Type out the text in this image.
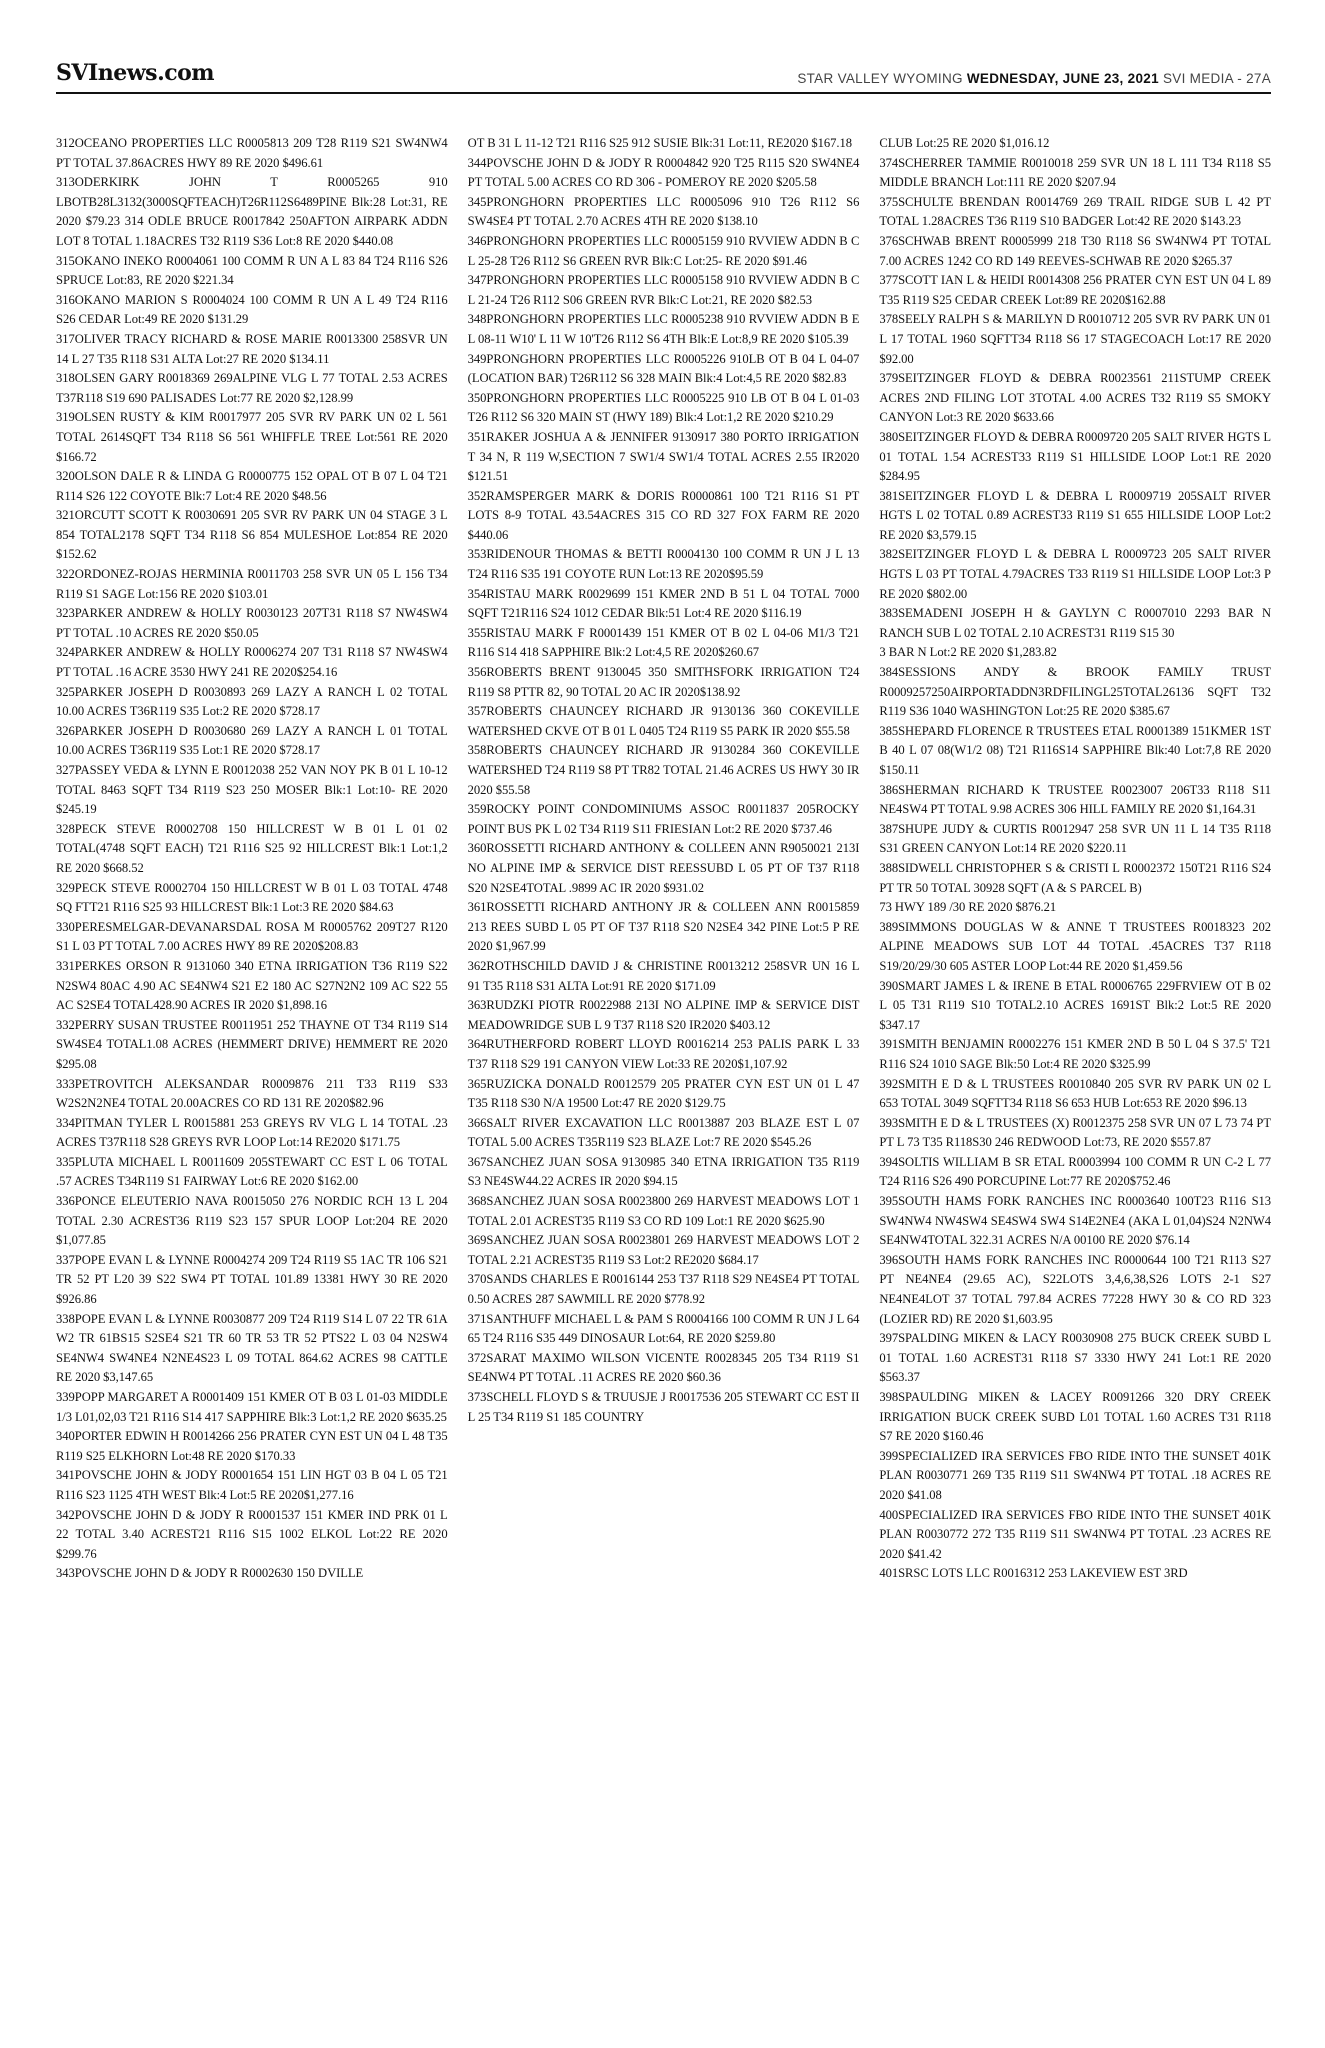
SVInews.com	STAR VALLEY WYOMING WEDNESDAY, JUNE 23, 2021 SVI MEDIA - 27A

312OCEANO PROPERTIES LLC R0005813 209 T28 R119 S21 SW4NW4 PT TOTAL 37.86ACRES HWY 89 RE 2020 $496.61

313ODERKIRK JOHN T R0005265 910 LBOTB28L3132(3000SQFTEACH)T26R112S6489PINE Blk:28 Lot:31, RE 2020 $79.23 314 ODLE BRUCE R0017842 250AFTON AIRPARK ADDN LOT 8 TOTAL 1.18ACRES T32 R119 S36 Lot:8 RE 2020 $440.08

315OKANO INEKO R0004061 100 COMM R UN A L 83 84 T24 R116 S26 SPRUCE Lot:83, RE 2020 $221.34

316OKANO MARION S R0004024 100 COMM R UN A L 49 T24 R116 S26 CEDAR Lot:49 RE 2020 $131.29

317OLIVER TRACY RICHARD & ROSE MARIE R0013300 258SVR UN 14 L 27 T35 R118 S31 ALTA Lot:27 RE 2020 $134.11

318OLSEN GARY R0018369 269ALPINE VLG L 77 TOTAL 2.53 ACRES T37R118 S19 690 PALISADES Lot:77 RE 2020 $2,128.99

319OLSEN RUSTY & KIM R0017977 205 SVR RV PARK UN 02 L 561 TOTAL 2614SQFT T34 R118 S6 561 WHIFFLE TREE Lot:561 RE 2020 $166.72

320OLSON DALE R & LINDA G R0000775 152 OPAL OT B 07 L 04 T21 R114 S26 122 COYOTE Blk:7 Lot:4 RE 2020 $48.56

321ORCUTT SCOTT K R0030691 205 SVR RV PARK UN 04 STAGE 3 L 854 TOTAL2178 SQFT T34 R118 S6 854 MULESHOE Lot:854 RE 2020 $152.62

322ORDONEZ-ROJAS HERMINIA R0011703 258 SVR UN 05 L 156 T34 R119 S1 SAGE Lot:156 RE 2020 $103.01

323PARKER ANDREW & HOLLY R0030123 207T31 R118 S7 NW4SW4 PT TOTAL .10 ACRES RE 2020 $50.05

324PARKER ANDREW & HOLLY R0006274 207 T31 R118 S7 NW4SW4 PT TOTAL .16 ACRE 3530 HWY 241 RE 2020$254.16

325PARKER JOSEPH D R0030893 269 LAZY A RANCH L 02 TOTAL 10.00 ACRES T36R119 S35 Lot:2 RE 2020 $728.17

326PARKER JOSEPH D R0030680 269 LAZY A RANCH L 01 TOTAL 10.00 ACRES T36R119 S35 Lot:1 RE 2020 $728.17

327PASSEY VEDA & LYNN E R0012038 252 VAN NOY PK B 01 L 10-12 TOTAL 8463 SQFT T34 R119 S23 250 MOSER Blk:1 Lot:10- RE 2020 $245.19

328PECK STEVE R0002708 150 HILLCREST W B 01 L 01 02 TOTAL(4748 SQFT EACH) T21 R116 S25 92 HILLCREST Blk:1 Lot:1,2 RE 2020 $668.52

329PECK STEVE R0002704 150 HILLCREST W B 01 L 03 TOTAL 4748 SQ FTT21 R116 S25 93 HILLCREST Blk:1 Lot:3 RE 2020 $84.63

330PERESMELGAR-DEVANARSDAL ROSA M R0005762 209T27 R120 S1 L 03 PT TOTAL 7.00 ACRES HWY 89 RE 2020$208.83

331PERKES ORSON R 9131060 340 ETNA IRRIGATION T36 R119 S22 N2SW4 80AC 4.90 AC SE4NW4 S21 E2 180 AC S27N2N2 109 AC S22 55 AC S2SE4 TOTAL428.90 ACRES IR 2020 $1,898.16

332PERRY SUSAN TRUSTEE R0011951 252 THAYNE OT T34 R119 S14 SW4SE4 TOTAL1.08 ACRES (HEMMERT DRIVE) HEMMERT RE 2020 $295.08

333PETROVITCH ALEKSANDAR R0009876 211 T33 R119 S33 W2S2N2NE4 TOTAL 20.00ACRES CO RD 131 RE 2020$82.96

334PITMAN TYLER L R0015881 253 GREYS RV VLG L 14 TOTAL .23 ACRES T37R118 S28 GREYS RVR LOOP Lot:14 RE2020 $171.75

335PLUTA MICHAEL L R0011609 205STEWART CC EST L 06 TOTAL .57 ACRES T34R119 S1 FAIRWAY Lot:6 RE 2020 $162.00

336PONCE ELEUTERIO NAVA R0015050 276 NORDIC RCH 13 L 204 TOTAL 2.30 ACREST36 R119 S23 157 SPUR LOOP Lot:204 RE 2020 $1,077.85

337POPE EVAN L & LYNNE R0004274 209 T24 R119 S5 1AC TR 106 S21 TR 52 PT L20 39 S22 SW4 PT TOTAL 101.89 13381 HWY 30 RE 2020 $926.86

338POPE EVAN L & LYNNE R0030877 209 T24 R119 S14 L 07 22 TR 61A W2 TR 61BS15 S2SE4 S21 TR 60 TR 53 TR 52 PTS22 L 03 04 N2SW4 SE4NW4 SW4NE4 N2NE4S23 L 09 TOTAL 864.62 ACRES 98 CATTLE RE 2020 $3,147.65

339POPP MARGARET A R0001409 151 KMER OT B 03 L 01-03 MIDDLE 1/3 L01,02,03 T21 R116 S14 417 SAPPHIRE Blk:3 Lot:1,2 RE 2020 $635.25

340PORTER EDWIN H R0014266 256 PRATER CYN EST UN 04 L 48 T35 R119 S25 ELKHORN Lot:48 RE 2020 $170.33

341POVSCHE JOHN & JODY R0001654 151 LIN HGT 03 B 04 L 05 T21 R116 S23 1125 4TH WEST Blk:4 Lot:5 RE 2020$1,277.16

342POVSCHE JOHN D & JODY R R0001537 151 KMER IND PRK 01 L 22 TOTAL 3.40 ACREST21 R116 S15 1002 ELKOL Lot:22 RE 2020 $299.76

343POVSCHE JOHN D & JODY R R0002630 150 DVILLE

OT B 31 L 11-12 T21 R116 S25 912 SUSIE Blk:31 Lot:11, RE2020 $167.18

344POVSCHE JOHN D & JODY R R0004842 920 T25 R115 S20 SW4NE4 PT TOTAL 5.00 ACRES CO RD 306 - POMEROY RE 2020 $205.58

345PRONGHORN PROPERTIES LLC R0005096 910 T26 R112 S6 SW4SE4 PT TOTAL 2.70 ACRES 4TH RE 2020 $138.10

346PRONGHORN PROPERTIES LLC R0005159 910 RVVIEW ADDN B C L 25-28 T26 R112 S6 GREEN RVR Blk:C Lot:25- RE 2020 $91.46

347PRONGHORN PROPERTIES LLC R0005158 910 RVVIEW ADDN B C L 21-24 T26 R112 S06 GREEN RVR Blk:C Lot:21, RE 2020 $82.53

348PRONGHORN PROPERTIES LLC R0005238 910 RVVIEW ADDN B E L 08-11 W10' L 11 W 10'T26 R112 S6 4TH Blk:E Lot:8,9 RE 2020 $105.39

349PRONGHORN PROPERTIES LLC R0005226 910LB OT B 04 L 04-07 (LOCATION BAR) T26R112 S6 328 MAIN Blk:4 Lot:4,5 RE 2020 $82.83

350PRONGHORN PROPERTIES LLC R0005225 910 LB OT B 04 L 01-03 T26 R112 S6 320 MAIN ST (HWY 189) Blk:4 Lot:1,2 RE 2020 $210.29

351RAKER JOSHUA A & JENNIFER 9130917 380 PORTO IRRIGATION T 34 N, R 119 W,SECTION 7 SW1/4 SW1/4 TOTAL ACRES 2.55 IR2020 $121.51

352RAMSPERGER MARK & DORIS R0000861 100 T21 R116 S1 PT LOTS 8-9 TOTAL 43.54ACRES 315 CO RD 327 FOX FARM RE 2020 $440.06

353RIDENOUR THOMAS & BETTI R0004130 100 COMM R UN J L 13 T24 R116 S35 191 COYOTE RUN Lot:13 RE 2020$95.59

354RISTAU MARK R0029699 151 KMER 2ND B 51 L 04 TOTAL 7000 SQFT T21R116 S24 1012 CEDAR Blk:51 Lot:4 RE 2020 $116.19

355RISTAU MARK F R0001439 151 KMER OT B 02 L 04-06 M1/3 T21 R116 S14 418 SAPPHIRE Blk:2 Lot:4,5 RE 2020$260.67

356ROBERTS BRENT 9130045 350 SMITHSFORK IRRIGATION T24 R119 S8 PTTR 82, 90 TOTAL 20 AC IR 2020$138.92

357ROBERTS CHAUNCEY RICHARD JR 9130136 360 COKEVILLE WATERSHED CKVE OT B 01 L 0405 T24 R119 S5 PARK IR 2020 $55.58

358ROBERTS CHAUNCEY RICHARD JR 9130284 360 COKEVILLE WATERSHED T24 R119 S8 PT TR82 TOTAL 21.46 ACRES US HWY 30 IR 2020 $55.58

359ROCKY POINT CONDOMINIUMS ASSOC R0011837 205ROCKY POINT BUS PK L 02 T34 R119 S11 FRIESIAN Lot:2 RE 2020 $737.46

360ROSSETTI RICHARD ANTHONY & COLLEEN ANN R9050021 213I NO ALPINE IMP & SERVICE DIST REESSUBD L 05 PT OF T37 R118 S20 N2SE4TOTAL .9899 AC IR 2020 $931.02

361ROSSETTI RICHARD ANTHONY JR & COLLEEN ANN R0015859 213 REES SUBD L 05 PT OF T37 R118 S20 N2SE4 342 PINE Lot:5 P RE 2020 $1,967.99

362ROTHSCHILD DAVID J & CHRISTINE R0013212 258SVR UN 16 L 91 T35 R118 S31 ALTA Lot:91 RE 2020 $171.09

363RUDZKI PIOTR R0022988 213I NO ALPINE IMP & SERVICE DIST MEADOWRIDGE SUB L 9 T37 R118 S20 IR2020 $403.12

364RUTHERFORD ROBERT LLOYD R0016214 253 PALIS PARK L 33 T37 R118 S29 191 CANYON VIEW Lot:33 RE 2020$1,107.92

365RUZICKA DONALD R0012579 205 PRATER CYN EST UN 01 L 47 T35 R118 S30 N/A 19500 Lot:47 RE 2020 $129.75

366SALT RIVER EXCAVATION LLC R0013887 203 BLAZE EST L 07 TOTAL 5.00 ACRES T35R119 S23 BLAZE Lot:7 RE 2020 $545.26

367SANCHEZ JUAN SOSA 9130985 340 ETNA IRRIGATION T35 R119 S3 NE4SW44.22 ACRES IR 2020 $94.15

368SANCHEZ JUAN SOSA R0023800 269 HARVEST MEADOWS LOT 1 TOTAL 2.01 ACREST35 R119 S3 CO RD 109 Lot:1 RE 2020 $625.90

369SANCHEZ JUAN SOSA R0023801 269 HARVEST MEADOWS LOT 2 TOTAL 2.21 ACREST35 R119 S3 Lot:2 RE2020 $684.17

370SANDS CHARLES E R0016144 253 T37 R118 S29 NE4SE4 PT TOTAL 0.50 ACRES 287 SAWMILL RE 2020 $778.92

371SANTHUFF MICHAEL L & PAM S R0004166 100 COMM R UN J L 64 65 T24 R116 S35 449 DINOSAUR Lot:64, RE 2020 $259.80

372SARAT MAXIMO WILSON VICENTE R0028345 205 T34 R119 S1 SE4NW4 PT TOTAL .11 ACRES RE 2020 $60.36

373SCHELL FLOYD S & TRUUSJE J R0017536 205 STEWART CC EST II L 25 T34 R119 S1 185 COUNTRY

CLUB Lot:25 RE 2020 $1,016.12

374SCHERRER TAMMIE R0010018 259 SVR UN 18 L 111 T34 R118 S5 MIDDLE BRANCH Lot:111 RE 2020 $207.94

375SCHULTE BRENDAN R0014769 269 TRAIL RIDGE SUB L 42 PT TOTAL 1.28ACRES T36 R119 S10 BADGER Lot:42 RE 2020 $143.23

376SCHWAB BRENT R0005999 218 T30 R118 S6 SW4NW4 PT TOTAL 7.00 ACRES 1242 CO RD 149 REEVES-SCHWAB RE 2020 $265.37

377SCOTT IAN L & HEIDI R0014308 256 PRATER CYN EST UN 04 L 89 T35 R119 S25 CEDAR CREEK Lot:89 RE 2020$162.88

378SEELY RALPH S & MARILYN D R0010712 205 SVR RV PARK UN 01 L 17 TOTAL 1960 SQFTT34 R118 S6 17 STAGECOACH Lot:17 RE 2020 $92.00

379SEITZINGER FLOYD & DEBRA R0023561 211STUMP CREEK ACRES 2ND FILING LOT 3TOTAL 4.00 ACRES T32 R119 S5 SMOKY CANYON Lot:3 RE 2020 $633.66

380SEITZINGER FLOYD & DEBRA R0009720 205 SALT RIVER HGTS L 01 TOTAL 1.54 ACREST33 R119 S1 HILLSIDE LOOP Lot:1 RE 2020 $284.95

381SEITZINGER FLOYD L & DEBRA L R0009719 205SALT RIVER HGTS L 02 TOTAL 0.89 ACREST33 R119 S1 655 HILLSIDE LOOP Lot:2 RE 2020 $3,579.15

382SEITZINGER FLOYD L & DEBRA L R0009723 205 SALT RIVER HGTS L 03 PT TOTAL 4.79ACRES T33 R119 S1 HILLSIDE LOOP Lot:3 P RE 2020 $802.00

383SEMADENI JOSEPH H & GAYLYN C R0007010 2293 BAR N RANCH SUB L 02 TOTAL 2.10 ACREST31 R119 S15 30

3 BAR N Lot:2 RE 2020 $1,283.82

384SESSIONS ANDY & BROOK FAMILY TRUST R0009257250AIRPORTADDN3RDFILINGL25TOTAL26136 SQFT T32 R119 S36 1040 WASHINGTON Lot:25 RE 2020 $385.67

385SHEPARD FLORENCE R TRUSTEES ETAL R0001389 151KMER 1ST B 40 L 07 08(W1/2 08) T21 R116S14 SAPPHIRE Blk:40 Lot:7,8 RE 2020 $150.11

386SHERMAN RICHARD K TRUSTEE R0023007 206T33 R118 S11 NE4SW4 PT TOTAL 9.98 ACRES 306 HILL FAMILY RE 2020 $1,164.31

387SHUPE JUDY & CURTIS R0012947 258 SVR UN 11 L 14 T35 R118 S31 GREEN CANYON Lot:14 RE 2020 $220.11

388SIDWELL CHRISTOPHER S & CRISTI L R0002372 150T21 R116 S24 PT TR 50 TOTAL 30928 SQFT (A & S PARCEL B)

73 HWY 189 /30 RE 2020 $876.21

389SIMMONS DOUGLAS W & ANNE T TRUSTEES R0018323 202 ALPINE MEADOWS SUB LOT 44 TOTAL .45ACRES T37 R118 S19/20/29/30 605 ASTER LOOP Lot:44 RE 2020 $1,459.56

390SMART JAMES L & IRENE B ETAL R0006765 229FRVIEW OT B 02 L 05 T31 R119 S10 TOTAL2.10 ACRES 1691ST Blk:2 Lot:5 RE 2020 $347.17

391SMITH BENJAMIN R0002276 151 KMER 2ND B 50 L 04 S 37.5' T21 R116 S24 1010 SAGE Blk:50 Lot:4 RE 2020 $325.99

392SMITH E D & L TRUSTEES R0010840 205 SVR RV PARK UN 02 L 653 TOTAL 3049 SQFTT34 R118 S6 653 HUB Lot:653 RE 2020 $96.13

393SMITH E D & L TRUSTEES (X) R0012375 258 SVR UN 07 L 73 74 PT PT L 73 T35 R118S30 246 REDWOOD Lot:73, RE 2020 $557.87

394SOLTIS WILLIAM B SR ETAL R0003994 100 COMM R UN C-2 L 77 T24 R116 S26 490 PORCUPINE Lot:77 RE 2020$752.46

395SOUTH HAMS FORK RANCHES INC R0003640 100T23 R116 S13 SW4NW4 NW4SW4 SE4SW4 SW4 S14E2NE4 (AKA L 01,04)S24 N2NW4 SE4NW4TOTAL 322.31 ACRES N/A 00100 RE 2020 $76.14

396SOUTH HAMS FORK RANCHES INC R0000644 100 T21 R113 S27 PT NE4NE4 (29.65 AC), S22LOTS 3,4,6,38,S26 LOTS 2-1 S27 NE4NE4LOT 37 TOTAL 797.84 ACRES 77228 HWY 30 & CO RD 323 (LOZIER RD) RE 2020 $1,603.95

397SPALDING MIKEN & LACY R0030908 275 BUCK CREEK SUBD L 01 TOTAL 1.60 ACREST31 R118 S7 3330 HWY 241 Lot:1 RE 2020 $563.37

398SPAULDING MIKEN & LACEY R0091266 320 DRY CREEK IRRIGATION BUCK CREEK SUBD L01 TOTAL 1.60 ACRES T31 R118 S7 RE 2020 $160.46

399SPECIALIZED IRA SERVICES FBO RIDE INTO THE SUNSET 401K PLAN R0030771 269 T35 R119 S11 SW4NW4 PT TOTAL .18 ACRES RE 2020 $41.08

400SPECIALIZED IRA SERVICES FBO RIDE INTO THE SUNSET 401K PLAN R0030772 272 T35 R119 S11 SW4NW4 PT TOTAL .23 ACRES RE 2020 $41.42

401SRSC LOTS LLC R0016312 253 LAKEVIEW EST 3RD
